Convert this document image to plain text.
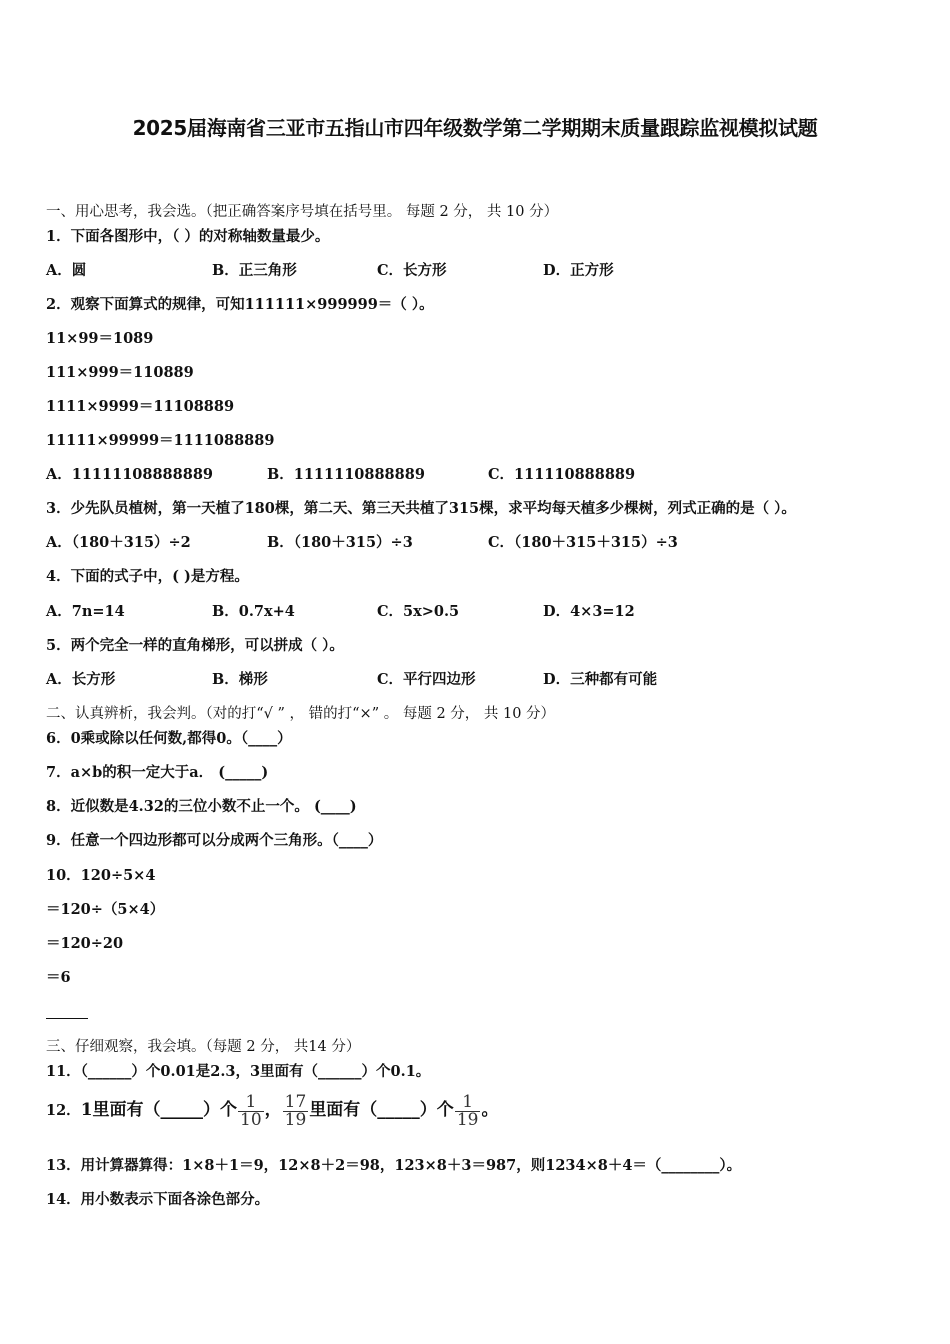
2025届海南省三亚市五指山市四年级数学第二学期期末质量跟踪监视模拟试题
一、用心思考，我会选。（把正确答案序号填在括号里。 每题 2 分， 共 10 分）
1．下面各图形中，（ ）的对称轴数量最少。
A．圆	B．正三角形	C．长方形	D．正方形
2．观察下面算式的规律，可知111111×999999＝（ ）。
11×99＝1089
111×999＝110889
1111×9999＝11108889
11111×99999＝1111088889
A．11111108888889	B．1111110888889	C．111110888889
3．少先队员植树，第一天植了180棵，第二天、第三天共植了315棵，求平均每天植多少棵树，列式正确的是（ ）。
A．（180＋315）÷2	B．（180＋315）÷3	C．（180＋315＋315）÷3
4．下面的式子中，( )是方程。
A．7n=14	B．0.7x+4	C．5x>0.5	D．4×3=12
5．两个完全一样的直角梯形，可以拼成（ ）。
A．长方形	B．梯形	C．平行四边形	D．三种都有可能
二、认真辨析，我会判。（对的打“√ ” ， 错的打“×” 。 每题 2 分， 共 10 分）
6．0乘或除以任何数,都得0。（____）
7．a×b的积一定大于a． (_____)
8．近似数是4.32的三位小数不止一个。 (____)
9．任意一个四边形都可以分成两个三角形。（____）
10．120÷5×4
＝120÷（5×4）
＝120÷20
＝6
三、仔细观察，我会填。（每题 2 分， 共14 分）
11．（______）个0.01是2.3，3里面有（______）个0.1。
12．1里面有（_____）个 $\frac{1}{10}$ ， $\frac{17}{19}$ 里面有（_____）个 $\frac{1}{19}$ 。
13．用计算器算得：1×8＋1＝9，12×8＋2＝98，123×8＋3＝987，则1234×8＋4＝（________）。
14．用小数表示下面各涂色部分。
